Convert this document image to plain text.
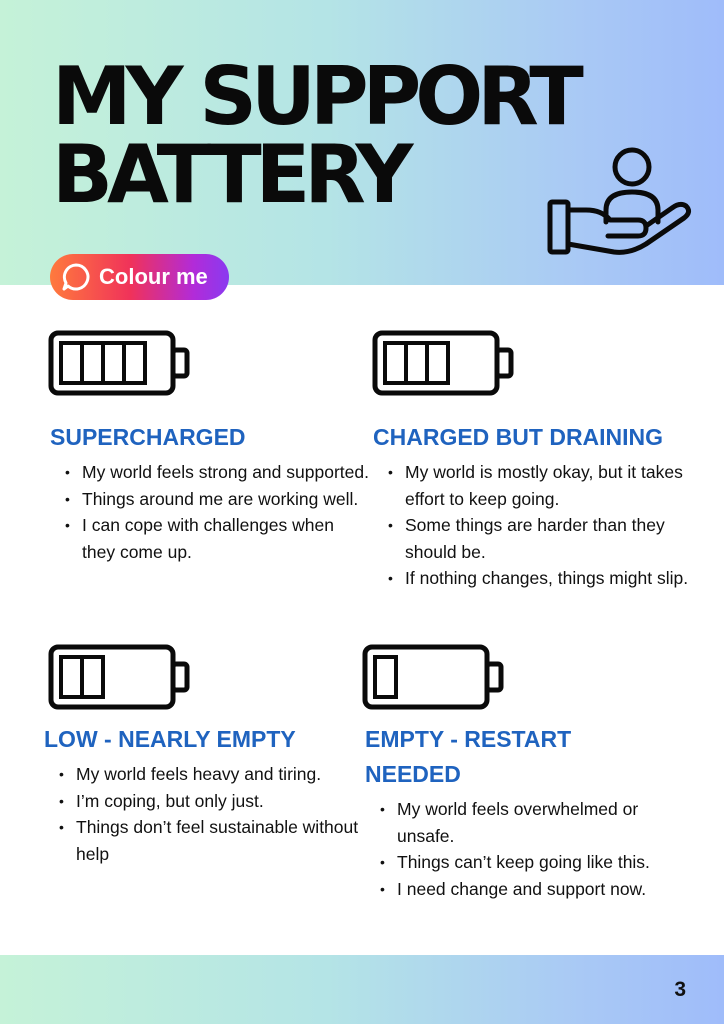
MY SUPPORT
BATTERY
Colour me
SUPERCHARGED
• My world feels strong and supported.
• Things around me are working well.
• I can cope with challenges when they come up.
CHARGED BUT DRAINING
• My world is mostly okay, but it takes effort to keep going.
• Some things are harder than they should be.
• If nothing changes, things might slip.
LOW - NEARLY EMPTY
• My world feels heavy and tiring.
• I’m coping, but only just.
• Things don’t feel sustainable without help
EMPTY - RESTART NEEDED
• My world feels overwhelmed or unsafe.
• Things can’t keep going like this.
• I need change and support now.
3
